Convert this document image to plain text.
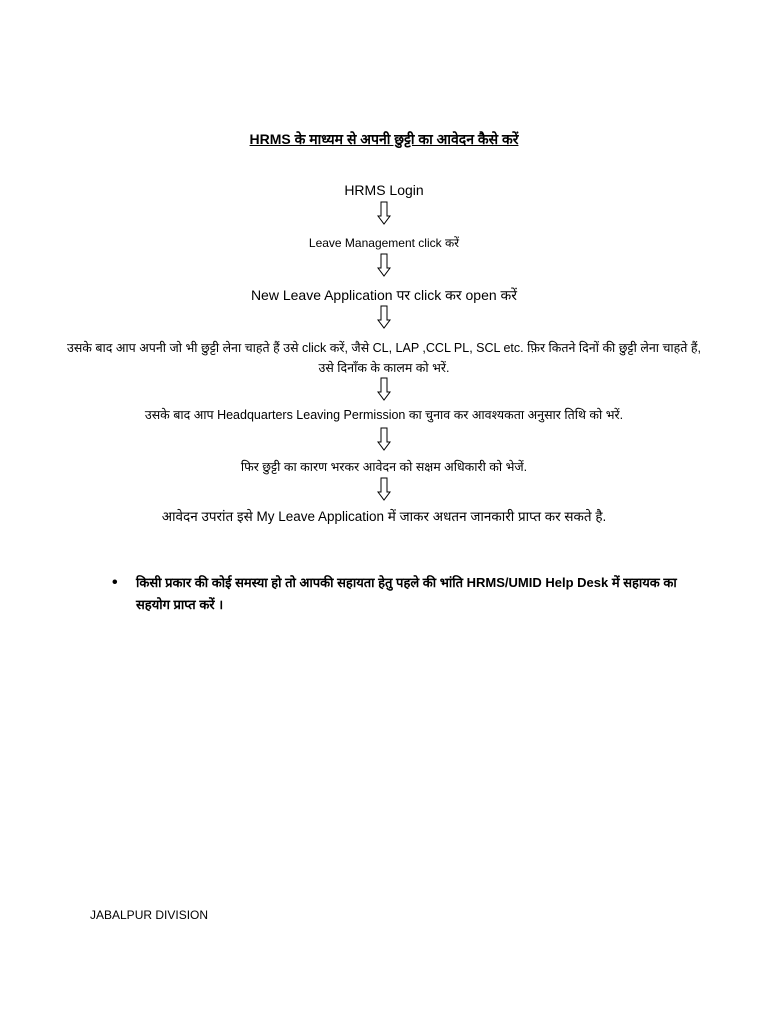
HRMS के माध्यम से अपनी छुट्टी का आवेदन कैसे करें
HRMS Login
Leave Management click करें
New Leave Application पर click कर open करें
उसके बाद आप अपनी जो भी छुट्टी लेना चाहते हैं उसे click करें, जैसे CL, LAP ,CCL PL, SCL etc. फ़िर कितने दिनों की छुट्टी लेना चाहते हैं, उसे दिनाँक के कालम को भरें.
उसके बाद आप Headquarters Leaving Permission का चुनाव कर आवश्यकता अनुसार तिथि को भरें.
फिर छुट्टी का कारण भरकर आवेदन को सक्षम अधिकारी को भेजें.
आवेदन उपरांत इसे My Leave Application में जाकर अधतन जानकारी प्राप्त कर सकते है.
•	किसी प्रकार की कोई समस्या हो तो आपकी सहायता हेतु पहले की भांति HRMS/UMID Help Desk में सहायक का सहयोग प्राप्त करें ।
JABALPUR DIVISION
